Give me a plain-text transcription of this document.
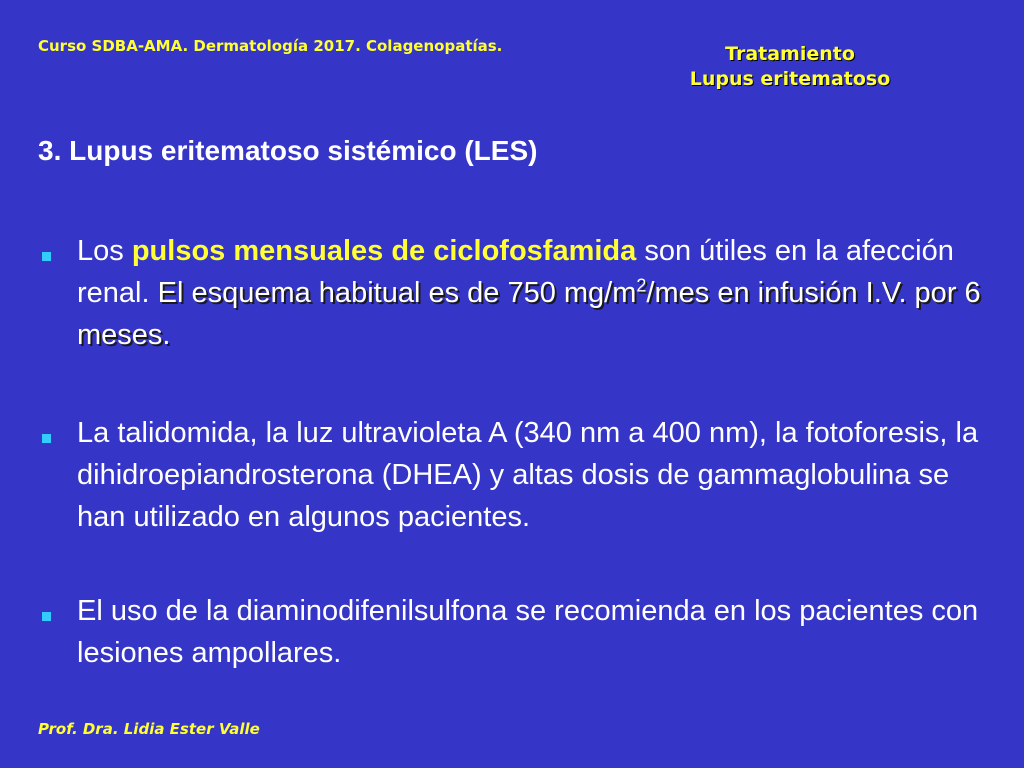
Curso SDBA-AMA. Dermatología 2017. Colagenopatías.	Tratamiento
Lupus eritematoso
3. Lupus eritematoso sistémico (LES)
Los pulsos mensuales de ciclofosfamida son útiles en la afección renal. El esquema habitual es de 750 $mg/m^2$/mes en infusión I.V. por 6 meses.
La talidomida, la luz ultravioleta A (340 nm a 400 nm), la fotoforesis, la dihidroepiandrosterona (DHEA) y altas dosis de gammaglobulina se han utilizado en algunos pacientes.
El uso de la diaminodifenilsulfona se recomienda en los pacientes con lesiones ampollares.
Prof. Dra. Lidia Ester Valle
